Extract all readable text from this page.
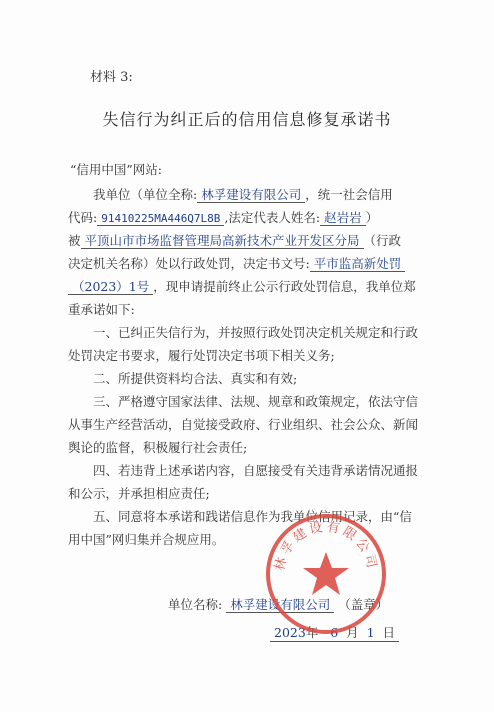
材料 3:
失信行为纠正后的信用信息修复承诺书
“信用中国”网站:
我单位（单位全称: 林孚建设有限公司 ，统一社会信用
代码: 91410225MA446Q7L8B ,法定代表人姓名: 赵岩岩 ）
被 平顶山市市场监督管理局高新技术产业开发区分局 （行政
决定机关名称）处以行政处罚，决定书文号: 平市监高新处罚
（2023）1号 ，现申请提前终止公示行政处罚信息，我单位郑
重承诺如下:
一、已纠正失信行为，并按照行政处罚决定机关规定和行政
处罚决定书要求，履行处罚决定书项下相关义务;
二、所提供资料均合法、真实和有效;
三、严格遵守国家法律、法规、规章和政策规定，依法守信
从事生产经营活动，自觉接受政府、行业组织、社会公众、新闻
舆论的监督，积极履行社会责任;
四、若违背上述承诺内容，自愿接受有关违背承诺情况通报
和公示，并承担相应责任;
五、同意将本承诺和践诺信息作为我单位信用记录，由“信
用中国”网归集并合规应用。
单位名称: 林孚建设有限公司 （盖章）
2023年 6 月 1 日
林孚建设有限公司
